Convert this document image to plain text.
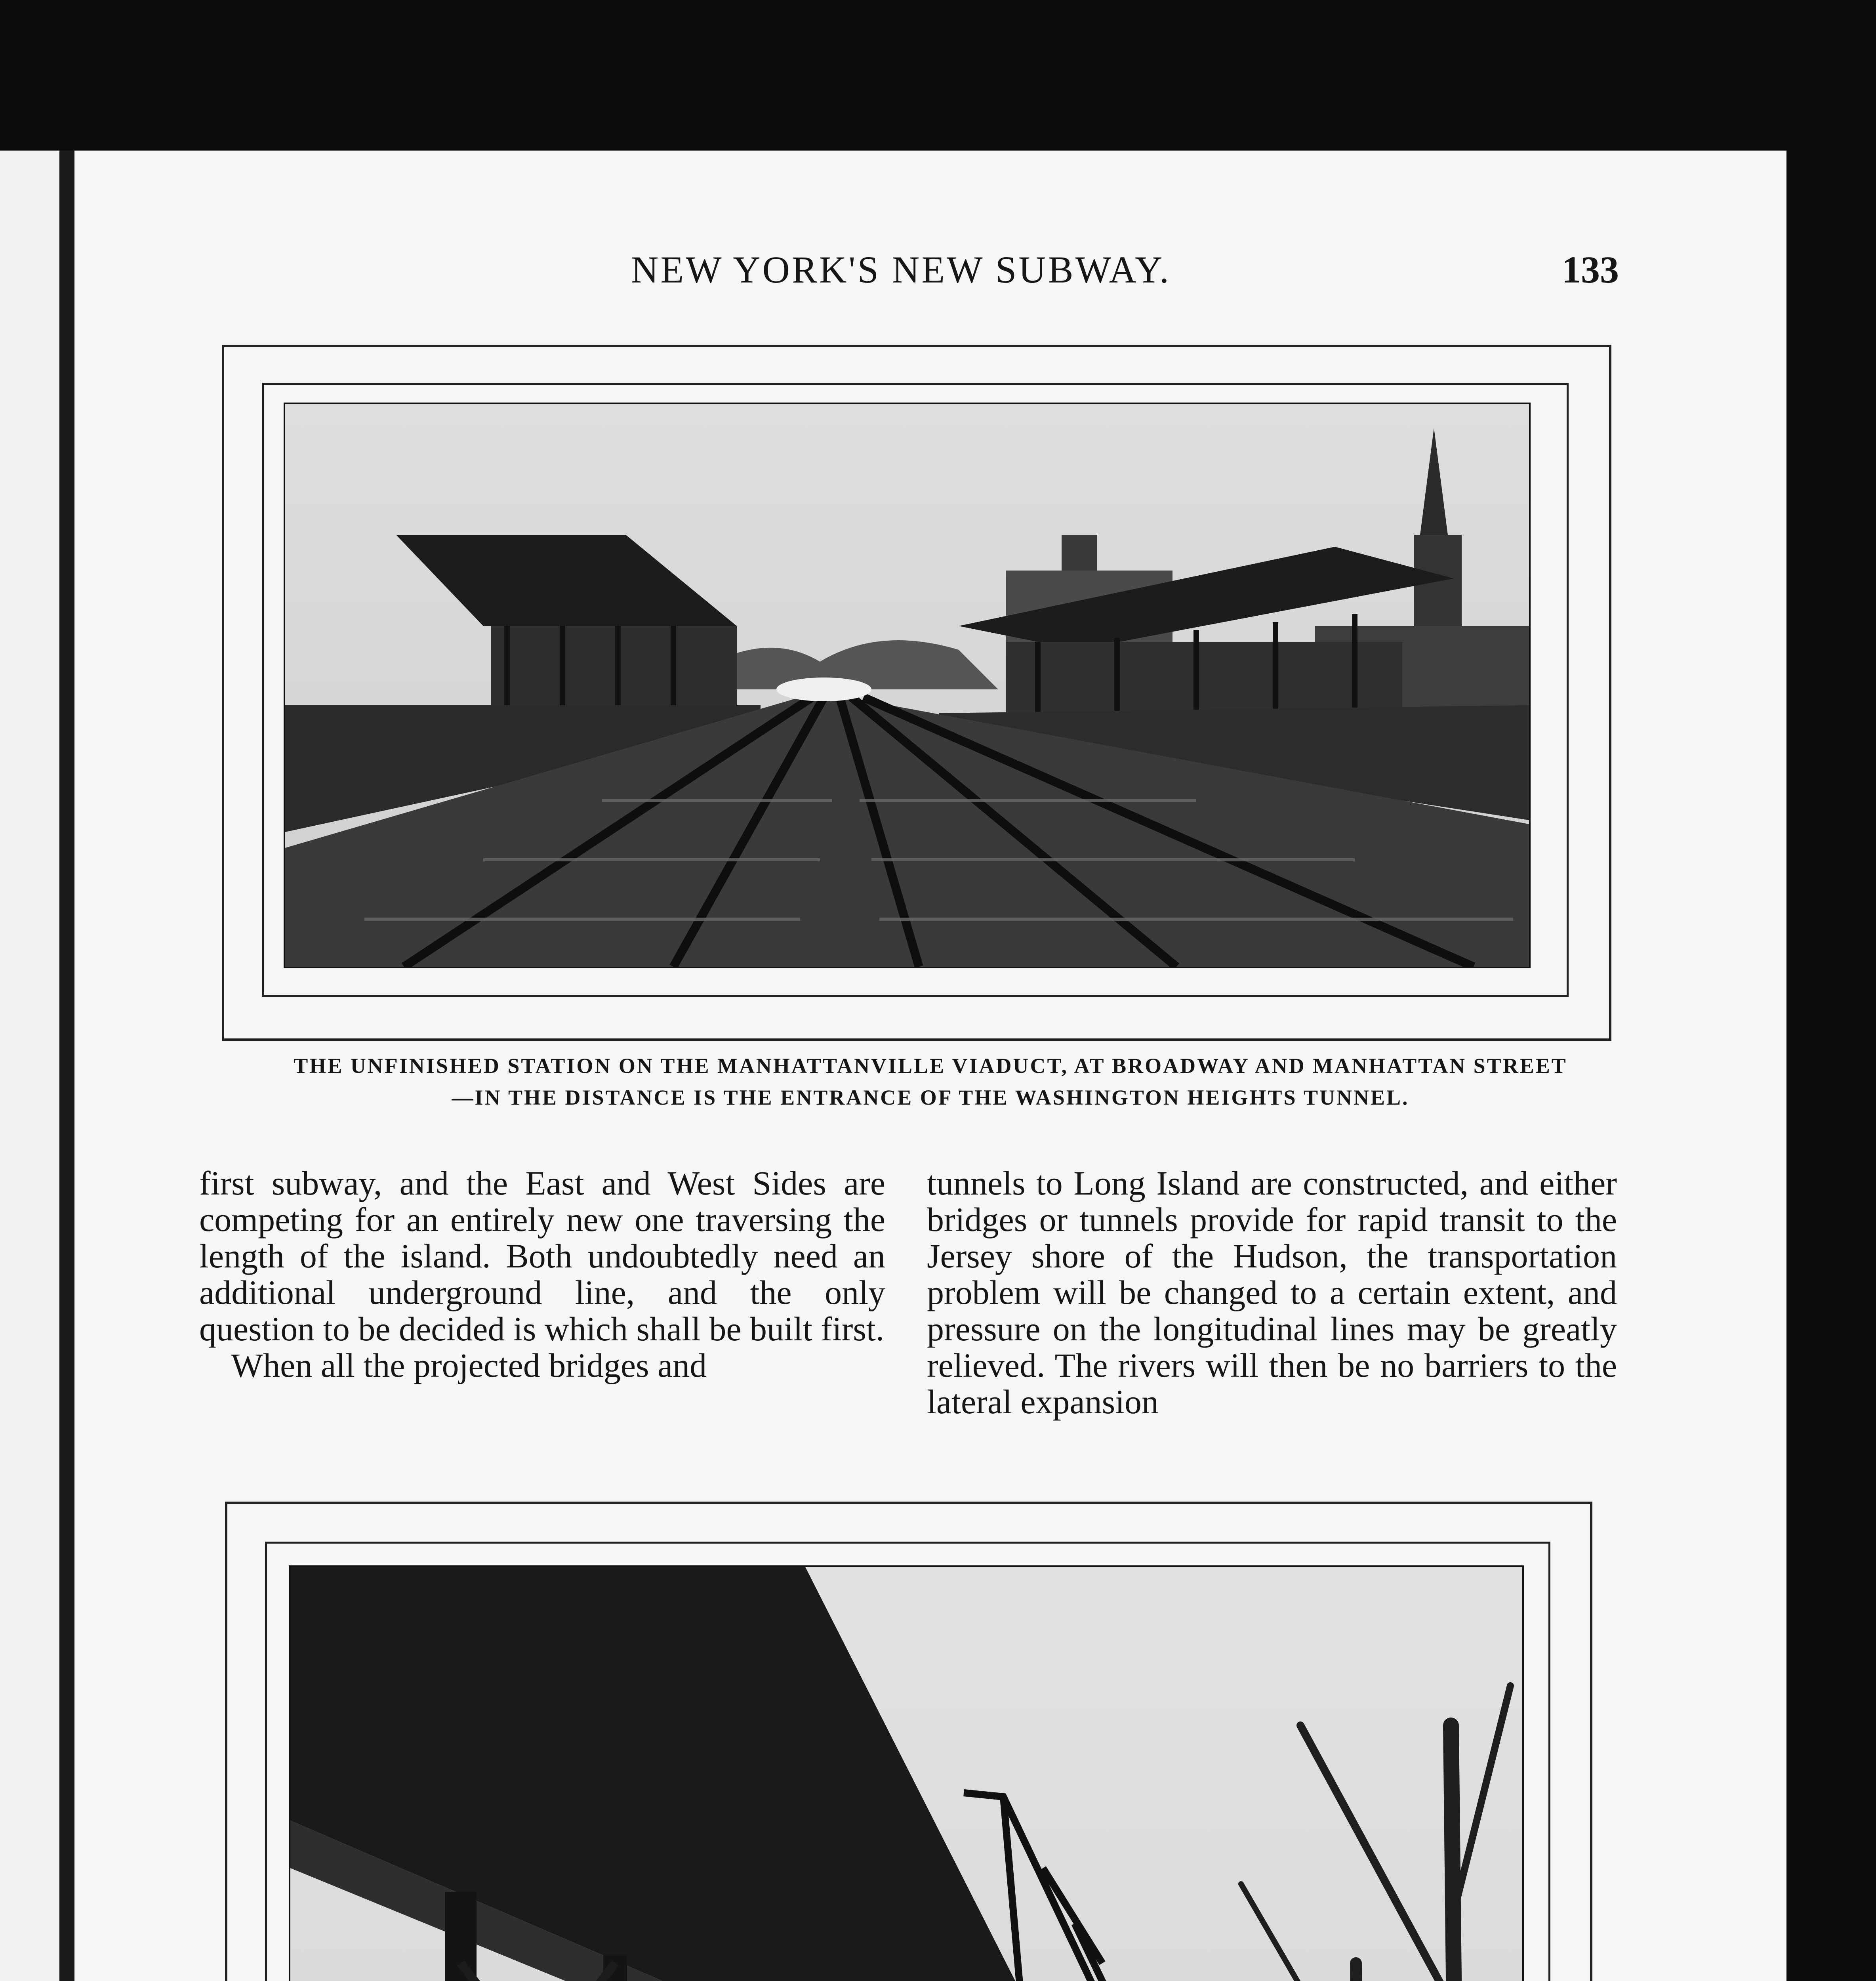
NEW YORK'S NEW SUBWAY.	133
THE UNFINISHED STATION ON THE MANHATTANVILLE VIADUCT, AT BROADWAY AND MANHATTAN STREET
—IN THE DISTANCE IS THE ENTRANCE OF THE WASHINGTON HEIGHTS TUNNEL.

first subway, and the East and West Sides are competing for an entirely new one traversing the length of the island. Both undoubtedly need an additional underground line, and the only question to be decided is which shall be built first.

When all the projected bridges and

tunnels to Long Island are constructed, and either bridges or tunnels provide for rapid transit to the Jersey shore of the Hudson, the transportation problem will be changed to a certain extent, and pressure on the longitudinal lines may be greatly relieved. The rivers will then be no barriers to the lateral expansion
